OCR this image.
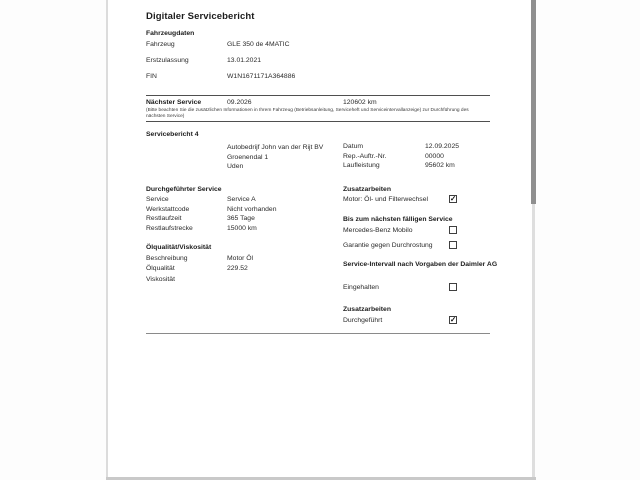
Digitaler Servicebericht
Fahrzeugdaten
Fahrzeug	GLE 350 de 4MATIC
Erstzulassung	13.01.2021
FIN	W1N1671171A364886
Nächster Service	09.2026	120602 km
(Bitte beachten Sie die zusätzlichen Informationen in Ihrem Fahrzeug (Betriebsanleitung, Serviceheft und Serviceintervallanzeige) zur Durchführung des nächsten Service)
Servicebericht 4
Autobedrijf John van der Rijt BV
Groenendal 1
Uden
Datum	12.09.2025
Rep.-Auftr.-Nr.	00000
Laufleistung	95602 km
Durchgeführter Service
Service	Service A
Werkstattcode	Nicht vorhanden
Restlaufzeit	365 Tage
Restlaufstrecke	15000 km
Ölqualität/Viskosität
Beschreibung	Motor Öl
Ölqualität	229.52
Viskosität
Zusatzarbeiten
Motor: Öl- und Filterwechsel	✓
Bis zum nächsten fälligen Service
Mercedes-Benz Mobilo
Garantie gegen Durchrostung
Service-Intervall nach Vorgaben der Daimler AG
Eingehalten
Zusatzarbeiten
Durchgeführt	✓
